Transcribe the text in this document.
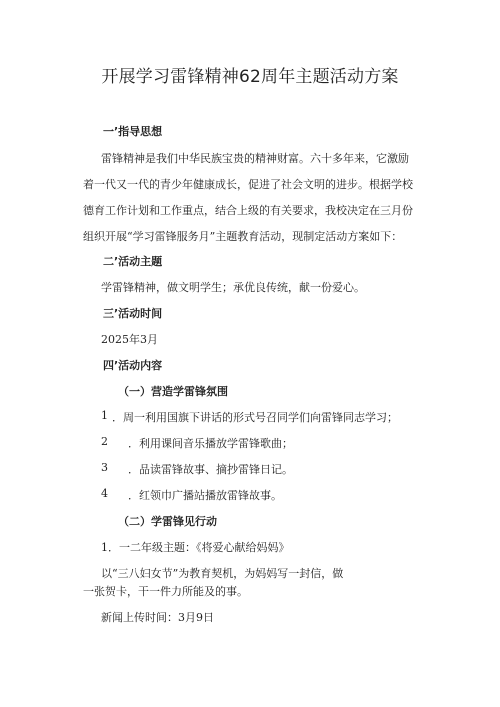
开展学习雷锋精神62周年主题活动方案
一’指导思想
雷锋精神是我们中华民族宝贵的精神财富。六十多年来，它激励
着一代又一代的青少年健康成长，促进了社会文明的进步。根据学校
德育工作计划和工作重点，结合上级的有关要求，我校决定在三月份
组织开展“学习雷锋服务月”主题教育活动，现制定活动方案如下：
二’活动主题
学雷锋精神，做文明学生；承优良传统，献一份爱心。
三’活动时间
2025年3月
四’活动内容
（一）营造学雷锋氛围
1 ．周一利用国旗下讲话的形式号召同学们向雷锋同志学习；
2 ．利用课间音乐播放学雷锋歌曲；
3 ．品读雷锋故事、摘抄雷锋日记。
4 ．红领巾广播站播放雷锋故事。
（二）学雷锋见行动
1．一二年级主题：《将爱心献给妈妈》
以“三八妇女节”为教育契机，为妈妈写一封信，做
一张贺卡，干一件力所能及的事。
新闻上传时间：3月9日
